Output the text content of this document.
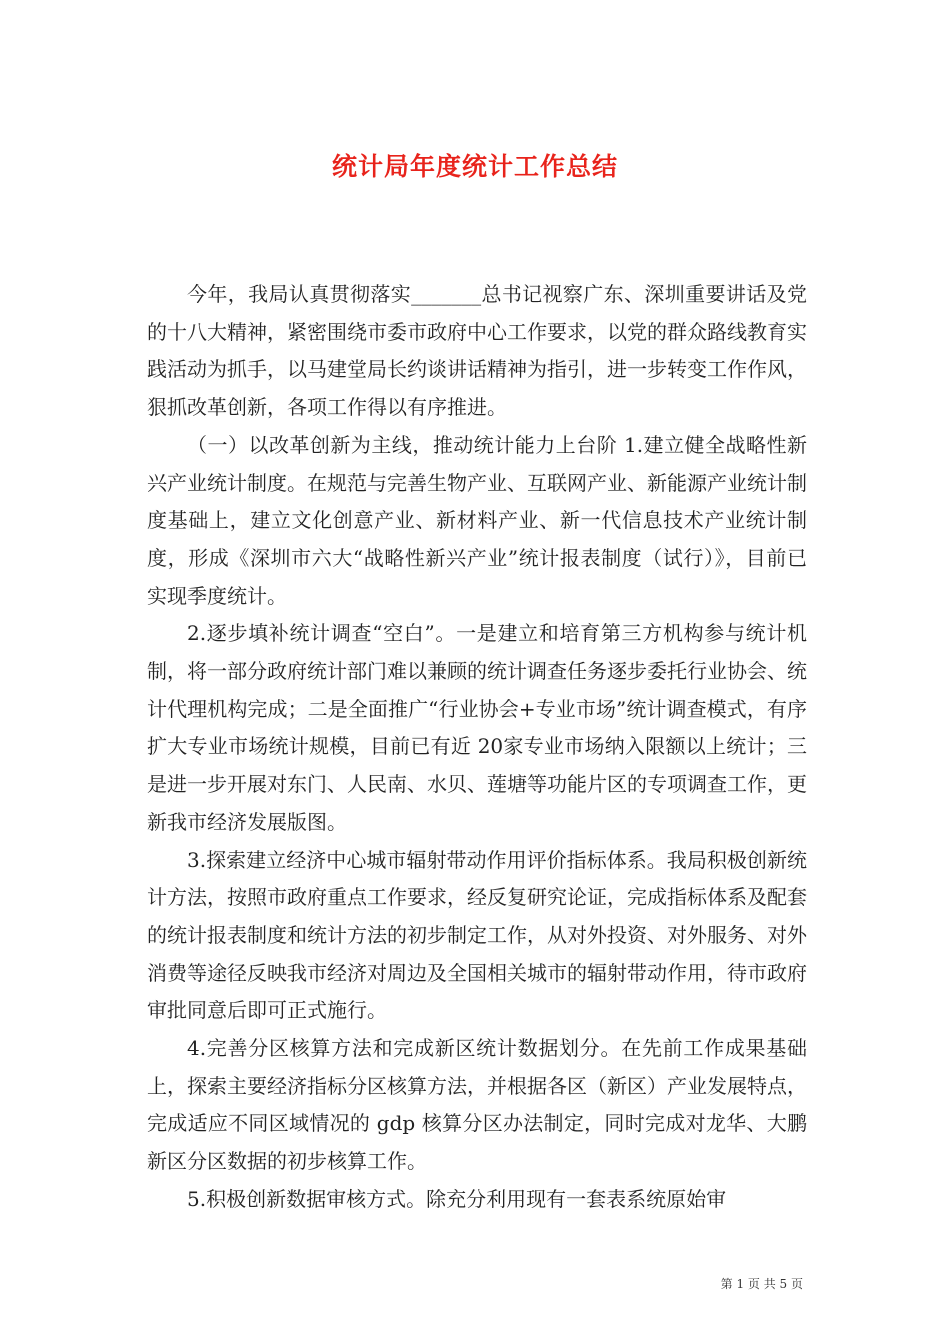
统计局年度统计工作总结

今年，我局认真贯彻落实_______总书记视察广东、深圳重要讲话及党的十八大精神，紧密围绕市委市政府中心工作要求，以党的群众路线教育实践活动为抓手，以马建堂局长约谈讲话精神为指引，进一步转变工作作风，狠抓改革创新，各项工作得以有序推进。

（一）以改革创新为主线，推动统计能力上台阶 1.建立健全战略性新兴产业统计制度。在规范与完善生物产业、互联网产业、新能源产业统计制度基础上，建立文化创意产业、新材料产业、新一代信息技术产业统计制度，形成《深圳市六大“战略性新兴产业”统计报表制度（试行）》，目前已实现季度统计。

2.逐步填补统计调查“空白”。一是建立和培育第三方机构参与统计机制，将一部分政府统计部门难以兼顾的统计调查任务逐步委托行业协会、统计代理机构完成；二是全面推广“行业协会+专业市场”统计调查模式，有序扩大专业市场统计规模，目前已有近 20家专业市场纳入限额以上统计；三是进一步开展对东门、人民南、水贝、莲塘等功能片区的专项调查工作，更新我市经济发展版图。

3.探索建立经济中心城市辐射带动作用评价指标体系。我局积极创新统计方法，按照市政府重点工作要求，经反复研究论证，完成指标体系及配套的统计报表制度和统计方法的初步制定工作，从对外投资、对外服务、对外消费等途径反映我市经济对周边及全国相关城市的辐射带动作用，待市政府审批同意后即可正式施行。

4.完善分区核算方法和完成新区统计数据划分。在先前工作成果基础上，探索主要经济指标分区核算方法，并根据各区（新区）产业发展特点，完成适应不同区域情况的 gdp 核算分区办法制定，同时完成对龙华、大鹏新区分区数据的初步核算工作。

5.积极创新数据审核方式。除充分利用现有一套表系统原始审

第 1 页 共 5 页
